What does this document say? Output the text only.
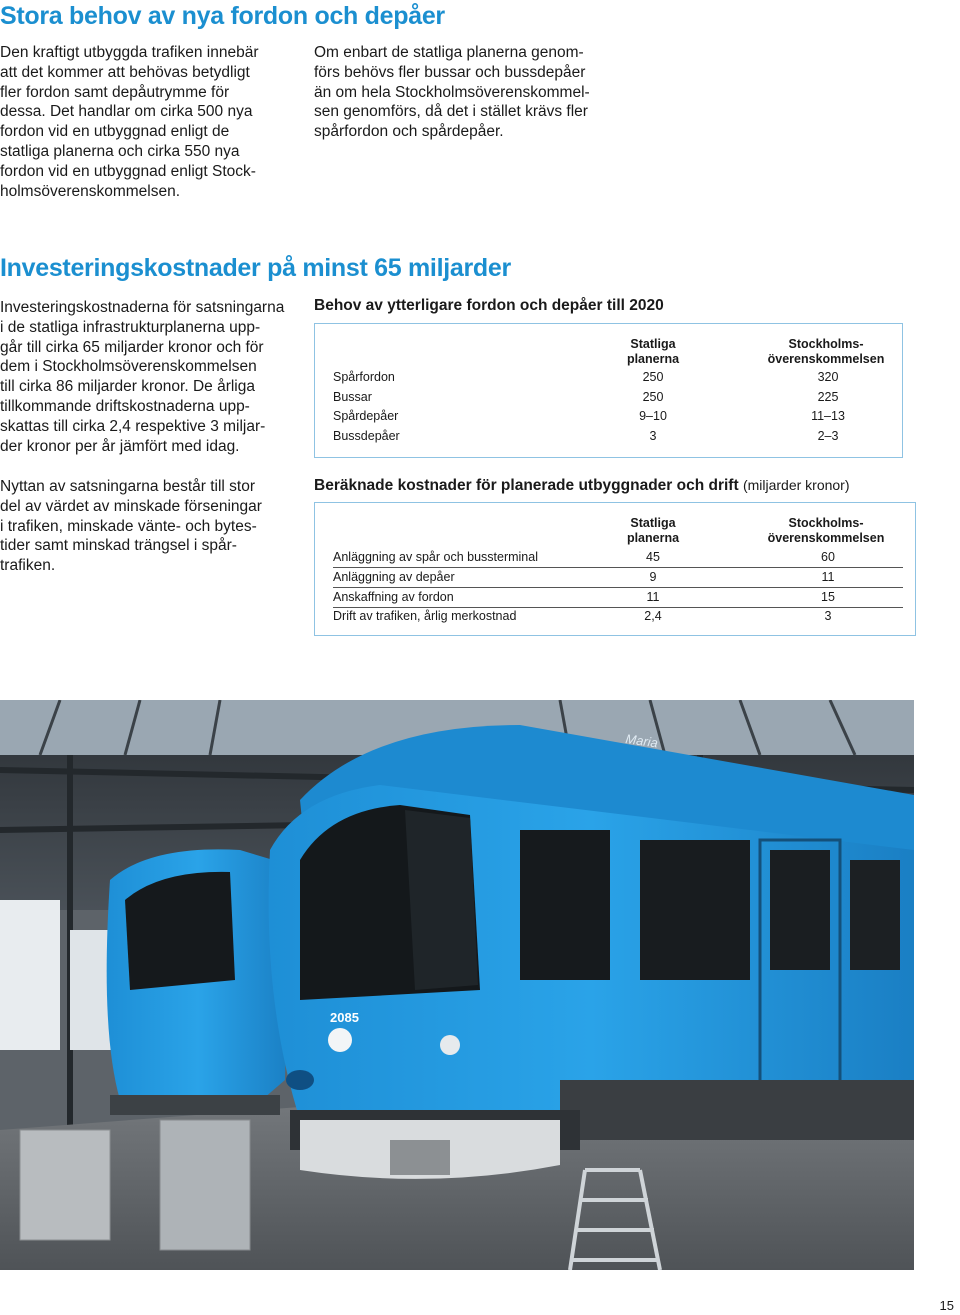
Stora behov av nya fordon och depåer

Den kraftigt utbyggda trafiken innebär
att det kommer att behövas betydligt
fler fordon samt depåutrymme för
dessa. Det handlar om cirka 500 nya
fordon vid en utbyggnad enligt de
statliga planerna och cirka 550 nya
fordon vid en utbyggnad enligt Stock-
holmsöverenskommelsen.

Om enbart de statliga planerna genom-
förs behövs fler bussar och bussdepåer
än om hela Stockholmsöverenskommel-
sen genomförs, då det i stället krävs fler
spårfordon och spårdepåer.

Investeringskostnader på minst 65 miljarder

Investeringskostnaderna för satsningarna
i de statliga infrastrukturplanerna upp-
går till cirka 65 miljarder kronor och för
dem i Stockholmsöverenskommelsen
till cirka 86 miljarder kronor. De årliga
tillkommande driftskostnaderna upp-
skattas till cirka 2,4 respektive 3 miljar-
der kronor per år jämfört med idag.

Nyttan av satsningarna består till stor
del av värdet av minskade förseningar
i trafiken, minskade vänte- och bytes-
tider samt minskad trängsel i spår-
trafiken.

Behov av ytterligare fordon och depåer till 2020

Statliga
planerna
Stockholms-
överenskommelsen
Spårfordon	250	320
Bussar	250	225
Spårdepåer	9–10	11–13
Bussdepåer	3	2–3

Beräknade kostnader för planerade utbyggnader och drift (miljarder kronor)

Statliga
planerna
Stockholms-
överenskommelsen
Anläggning av spår och bussterminal	45	60
Anläggning av depåer	9	11
Anskaffning av fordon	11	15
Drift av trafiken, årlig merkostnad	2,4	3
2085
Maria
15
